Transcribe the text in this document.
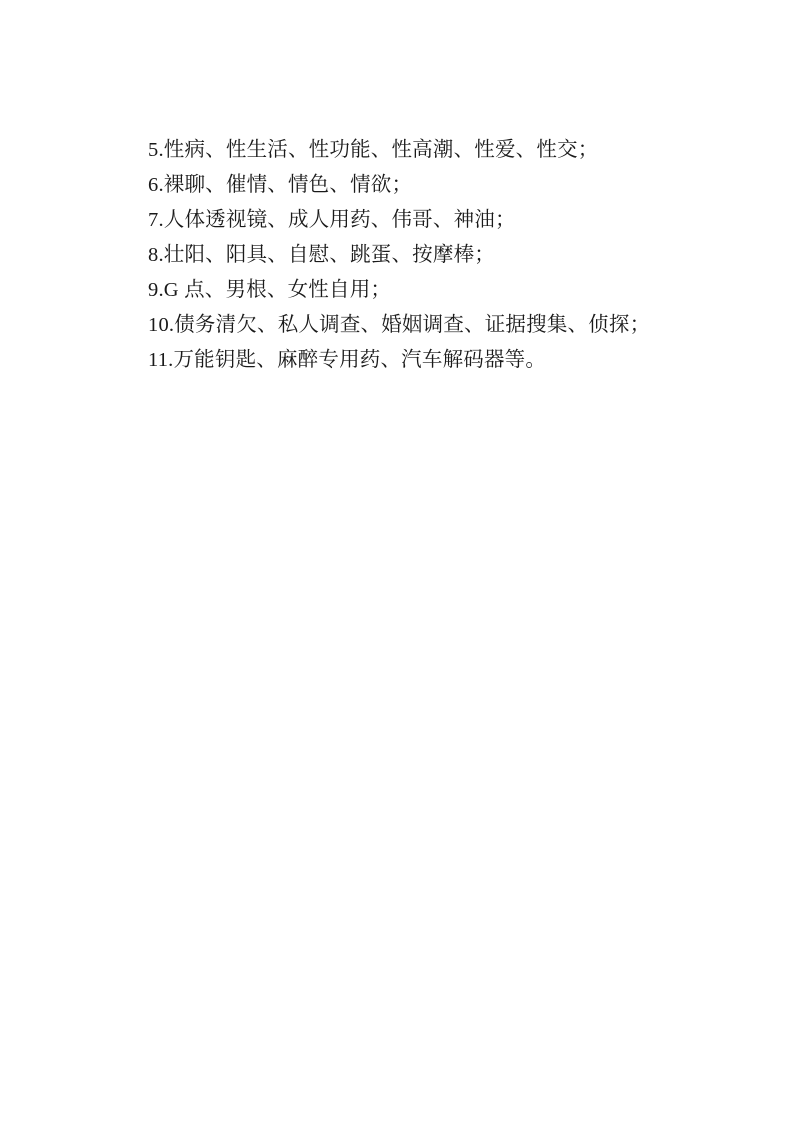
5.性病、性生活、性功能、性高潮、性爱、性交；
6.裸聊、催情、情色、情欲；
7.人体透视镜、成人用药、伟哥、神油；
8.壮阳、阳具、自慰、跳蛋、按摩棒；
9.G 点、男根、女性自用；
10.债务清欠、私人调查、婚姻调查、证据搜集、侦探；
11.万能钥匙、麻醉专用药、汽车解码器等。
